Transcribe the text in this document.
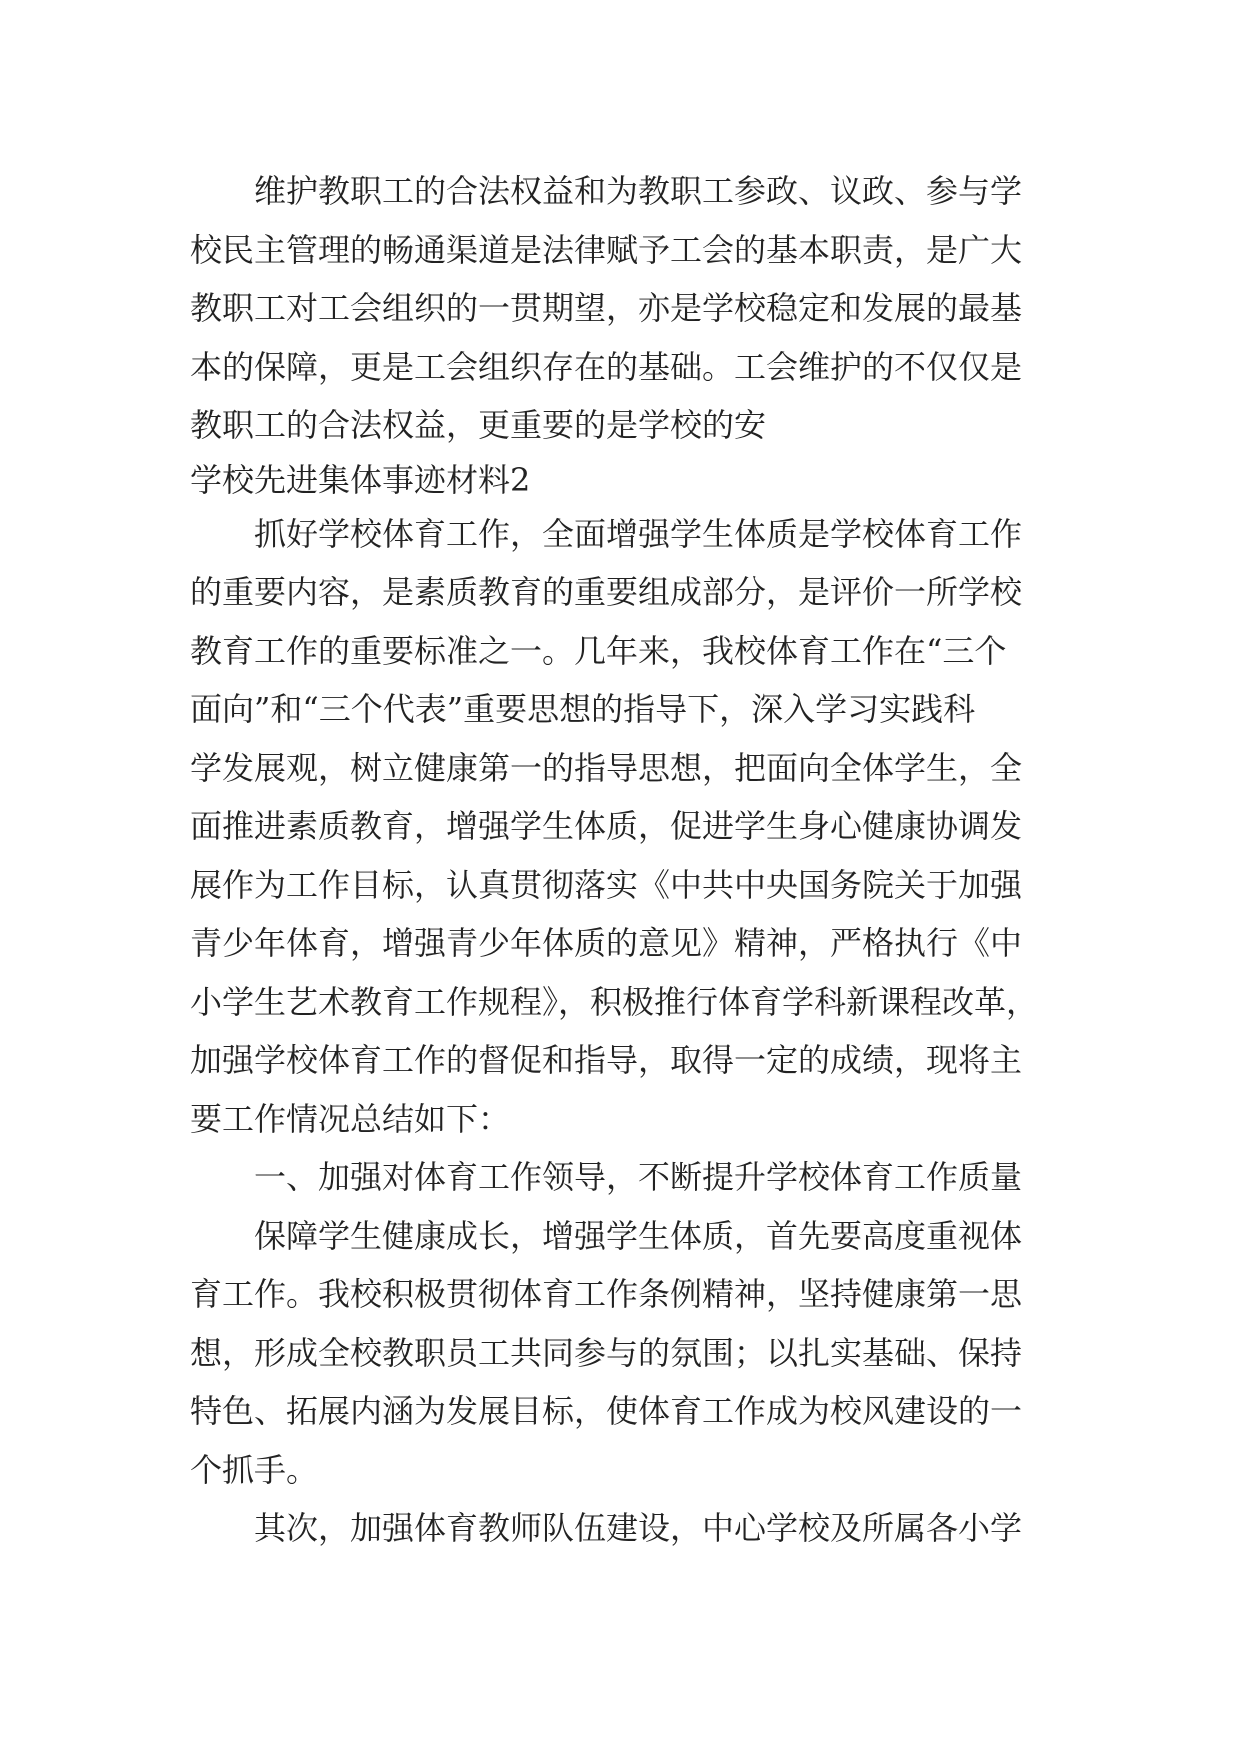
维护教职工的合法权益和为教职工参政、议政、参与学
校民主管理的畅通渠道是法律赋予工会的基本职责，是广大
教职工对工会组织的一贯期望，亦是学校稳定和发展的最基
本的保障，更是工会组织存在的基础。工会维护的不仅仅是
教职工的合法权益，更重要的是学校的安
学校先进集体事迹材料2
抓好学校体育工作，全面增强学生体质是学校体育工作
的重要内容，是素质教育的重要组成部分，是评价一所学校
教育工作的重要标准之一。几年来，我校体育工作在“三个
面向”和“三个代表”重要思想的指导下，深入学习实践科
学发展观，树立健康第一的指导思想，把面向全体学生，全
面推进素质教育，增强学生体质，促进学生身心健康协调发
展作为工作目标，认真贯彻落实《中共中央国务院关于加强
青少年体育，增强青少年体质的意见》精神，严格执行《中
小学生艺术教育工作规程》，积极推行体育学科新课程改革，
加强学校体育工作的督促和指导，取得一定的成绩，现将主
要工作情况总结如下：
一、加强对体育工作领导，不断提升学校体育工作质量
保障学生健康成长，增强学生体质，首先要高度重视体
育工作。我校积极贯彻体育工作条例精神，坚持健康第一思
想，形成全校教职员工共同参与的氛围；以扎实基础、保持
特色、拓展内涵为发展目标，使体育工作成为校风建设的一
个抓手。
其次，加强体育教师队伍建设，中心学校及所属各小学
